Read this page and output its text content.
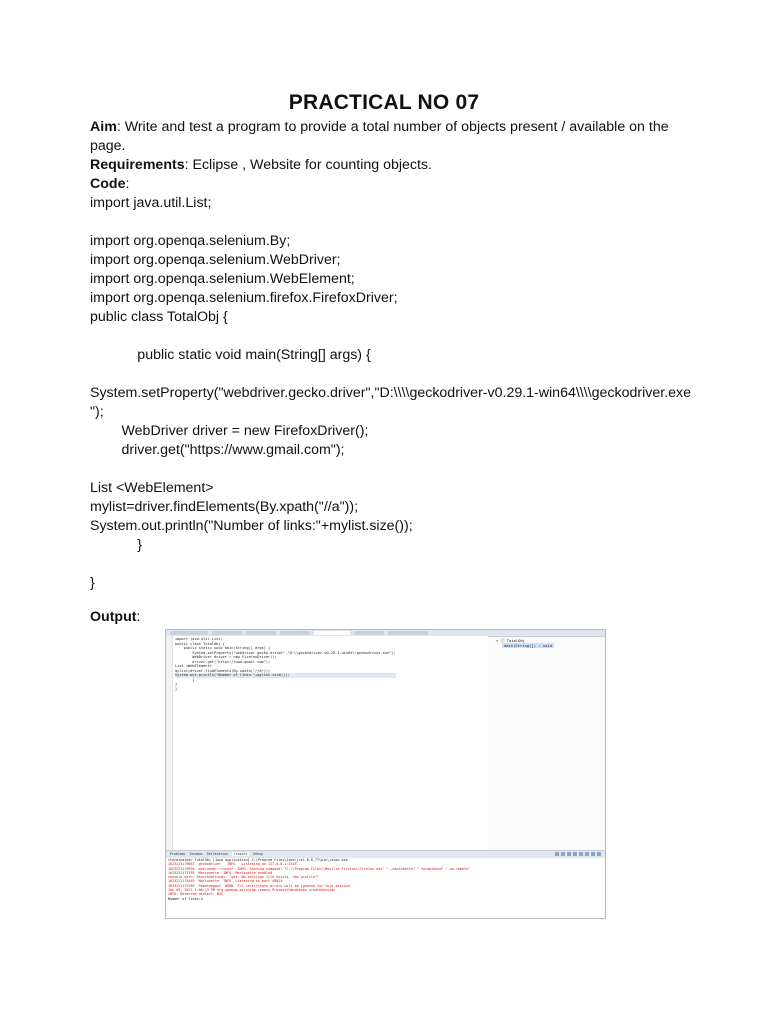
PRACTICAL NO 07
Aim: Write and test a program to provide a total number of objects present / available on the page.
Requirements: Eclipse , Website for counting objects.
Code:
import java.util.List;
import org.openqa.selenium.By;
import org.openqa.selenium.WebDriver;
import org.openqa.selenium.WebElement;
import org.openqa.selenium.firefox.FirefoxDriver;
public class TotalObj {
public static void main(String[] args) {
System.setProperty("webdriver.gecko.driver","D:\\\\geckodriver-v0.29.1-win64\\\\geckodriver.exe
");
WebDriver driver = new FirefoxDriver();
driver.get("https://www.gmail.com");
List <WebElement>
mylist=driver.findElements(By.xpath("//a"));
System.out.println("Number of links:"+mylist.size());
}
}
Output:
import java.util.List;
public class TotalObj {
public static void main(String[] args) {
System.setProperty("webdriver.gecko.driver","D:\\geckodriver-v0.29.1-win64\\geckodriver.exe");
WebDriver driver = new FirefoxDriver();
driver.get("https://www.gmail.com");
List <WebElement>
mylist=driver.findElements(By.xpath("//a"));
System.out.println("Number of links:"+mylist.size());
}
}
}
▾ ⓒ TotalObj
main(String[]) : void
Problems Javadoc Declaration Console Debug
<terminated> TotalObj [Java Application] C:\Program Files\Java\jre1.8.0_77\bin\javaw.exe
1623221179867  geckodriver   INFO   Listening on 127.0.0.1:4335
1623221179934  mozrunner::runner  INFO  Running command: "C:\\Program Files\\Mozilla Firefox\\firefox.exe" "--marionette" "-foreground" "-no-remote"
1623221173765  Marionette  INFO  Marionette enabled
console.warn: SearchSettings: "get: No settings file exists, new profile?"
1623221175449  Marionette  INFO  Listening on port 49824
1623221175769  RemoteAgent  WARN  TLS certificate errors will be ignored for this session
Jun 09, 2021 1:06:13 PM org.openqa.selenium.remote.ProtocolHandshake createSession
INFO: Detected dialect: W3C
Number of links:4
